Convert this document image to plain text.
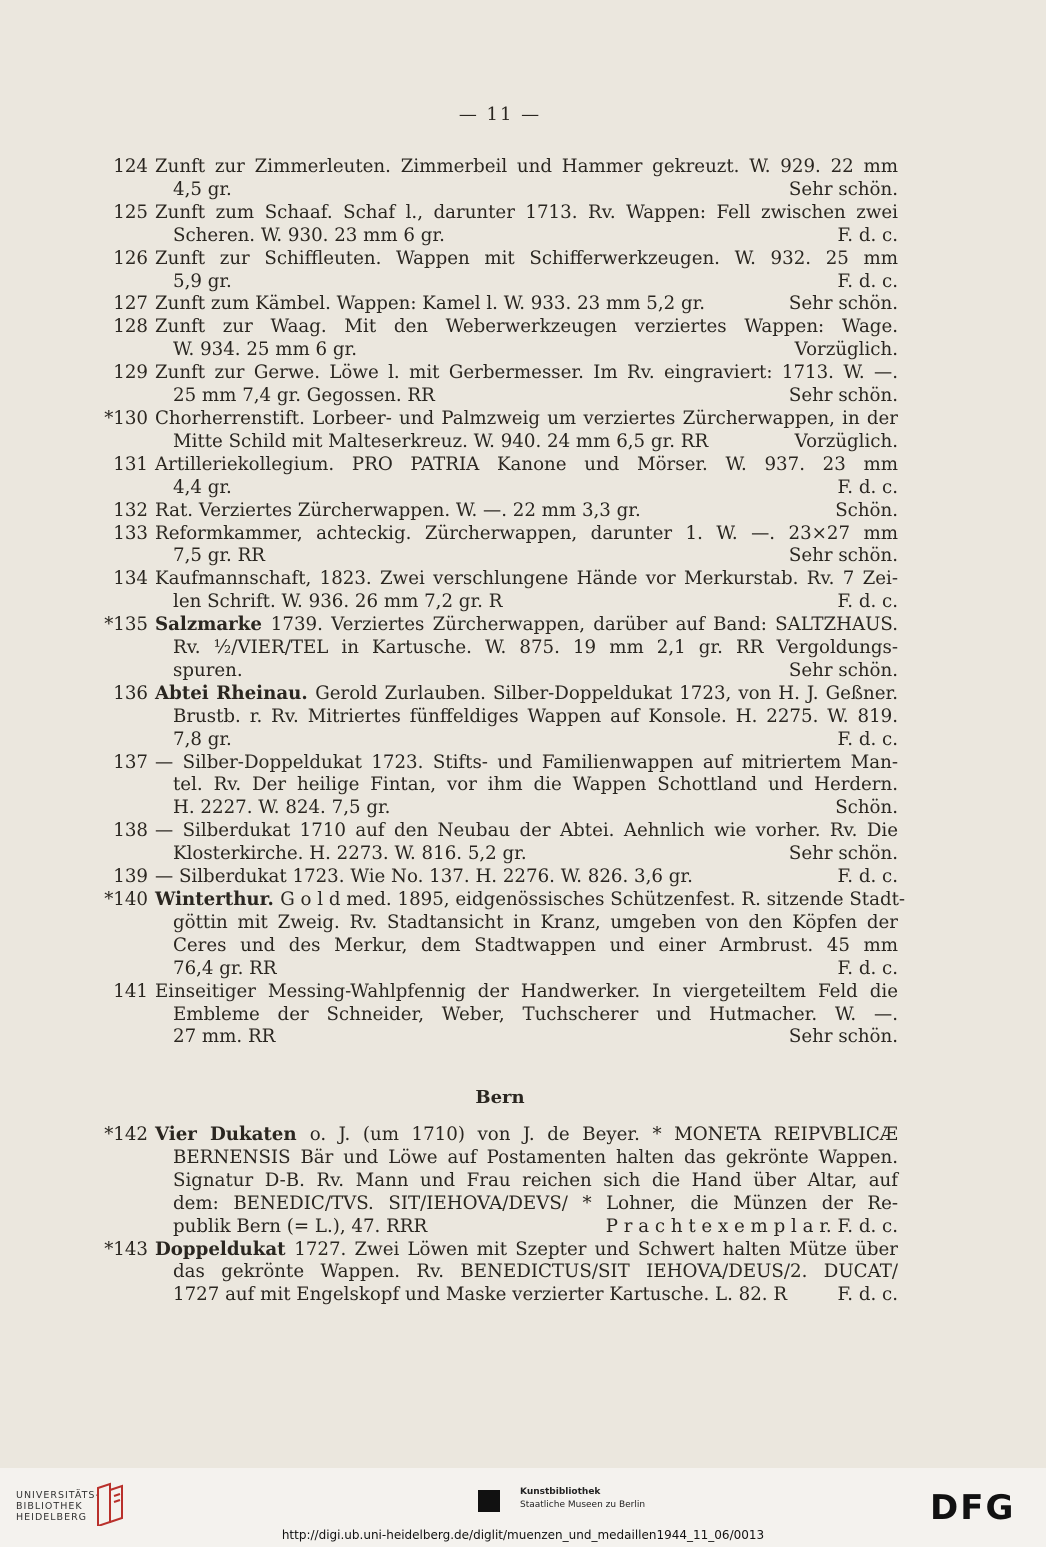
— 11 —
124 Zunft zur Zimmerleuten. Zimmerbeil und Hammer gekreuzt. W. 929. 22 mm
4,5 gr.	Sehr schön.
125 Zunft zum Schaaf. Schaf l., darunter 1713. Rv. Wappen: Fell zwischen zwei
Scheren. W. 930. 23 mm 6 gr.	F. d. c.
126 Zunft zur Schiffleuten. Wappen mit Schifferwerkzeugen. W. 932. 25 mm
5,9 gr.	F. d. c.
127 Zunft zum Kämbel. Wappen: Kamel l. W. 933. 23 mm 5,2 gr.	Sehr schön.
128 Zunft zur Waag. Mit den Weberwerkzeugen verziertes Wappen: Wage.
W. 934. 25 mm 6 gr.	Vorzüglich.
129 Zunft zur Gerwe. Löwe l. mit Gerbermesser. Im Rv. eingraviert: 1713. W. —.
25 mm 7,4 gr. Gegossen. RR	Sehr schön.
*130 Chorherrenstift. Lorbeer- und Palmzweig um verziertes Zürcherwappen, in der
Mitte Schild mit Malteserkreuz. W. 940. 24 mm 6,5 gr. RR	Vorzüglich.
131 Artilleriekollegium. PRO PATRIA Kanone und Mörser. W. 937. 23 mm
4,4 gr.	F. d. c.
132 Rat. Verziertes Zürcherwappen. W. —. 22 mm 3,3 gr.	Schön.
133 Reformkammer, achteckig. Zürcherwappen, darunter 1. W. —. 23×27 mm
7,5 gr. RR	Sehr schön.
134 Kaufmannschaft, 1823. Zwei verschlungene Hände vor Merkurstab. Rv. 7 Zei-
len Schrift. W. 936. 26 mm 7,2 gr. R	F. d. c.
*135 Salzmarke 1739. Verziertes Zürcherwappen, darüber auf Band: SALTZHAUS.
Rv. ½/VIER/TEL in Kartusche. W. 875. 19 mm 2,1 gr. RR Vergoldungs-
spuren.	Sehr schön.
136 Abtei Rheinau. Gerold Zurlauben. Silber-Doppeldukat 1723, von H. J. Geßner.
Brustb. r. Rv. Mitriertes fünffeldiges Wappen auf Konsole. H. 2275. W. 819.
7,8 gr.	F. d. c.
137 — Silber-Doppeldukat 1723. Stifts- und Familienwappen auf mitriertem Man-
tel. Rv. Der heilige Fintan, vor ihm die Wappen Schottland und Herdern.
H. 2227. W. 824. 7,5 gr.	Schön.
138 — Silberdukat 1710 auf den Neubau der Abtei. Aehnlich wie vorher. Rv. Die
Klosterkirche. H. 2273. W. 816. 5,2 gr.	Sehr schön.
139 — Silberdukat 1723. Wie No. 137. H. 2276. W. 826. 3,6 gr.	F. d. c.
*140 Winterthur. G o l d med. 1895, eidgenössisches Schützenfest. R. sitzende Stadt-
göttin mit Zweig. Rv. Stadtansicht in Kranz, umgeben von den Köpfen der
Ceres und des Merkur, dem Stadtwappen und einer Armbrust. 45 mm
76,4 gr. RR	F. d. c.
141 Einseitiger Messing-Wahlpfennig der Handwerker. In viergeteiltem Feld die
Embleme der Schneider, Weber, Tuchscherer und Hutmacher. W. —.
27 mm. RR	Sehr schön.
Bern
*142 Vier Dukaten o. J. (um 1710) von J. de Beyer. * MONETA REIPVBLICÆ
BERNENSIS Bär und Löwe auf Postamenten halten das gekrönte Wappen.
Signatur D-B. Rv. Mann und Frau reichen sich die Hand über Altar, auf
dem: BENEDIC/TVS. SIT/IEHOVA/DEVS/ * Lohner, die Münzen der Re-
publik Bern (= L.), 47. RRR	P r a c h t e x e m p l a r. F. d. c.
*143 Doppeldukat 1727. Zwei Löwen mit Szepter und Schwert halten Mütze über
das gekrönte Wappen. Rv. BENEDICTUS/SIT IEHOVA/DEUS/2. DUCAT/
1727 auf mit Engelskopf und Maske verzierter Kartusche. L. 82. R	F. d. c.
UNIVERSITÄTS-
BIBLIOTHEK
HEIDELBERG
Kunstbibliothek
Staatliche Museen zu Berlin	DFG
http://digi.ub.uni-heidelberg.de/diglit/muenzen_und_medaillen1944_11_06/0013
